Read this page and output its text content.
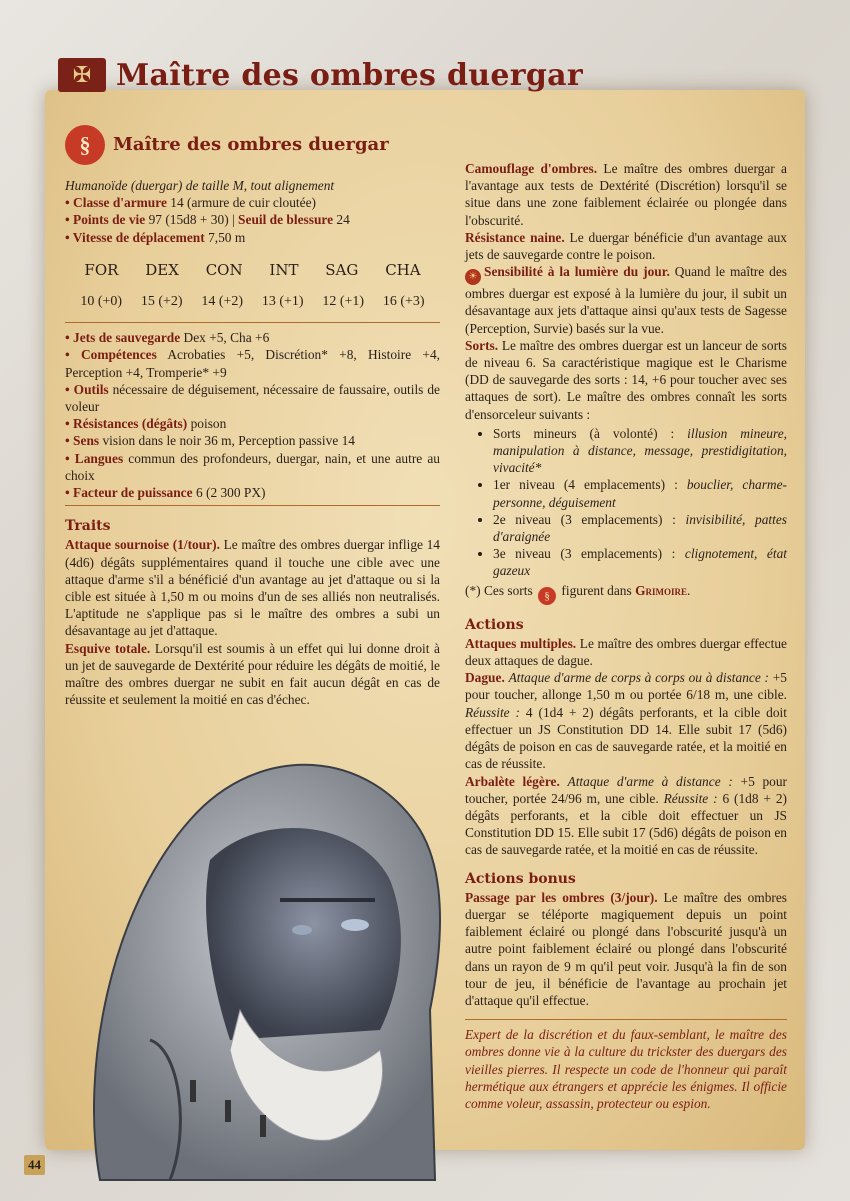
✠ Maître des ombres duergar
§	Maître des ombres duergar

Humanoïde (duergar) de taille M, tout alignement

• Classe d'armure 14 (armure de cuir cloutée)

• Points de vie 97 (15d8 + 30) | Seuil de blessure 24

• Vitesse de déplacement 7,50 m

FOR DEX CON INT SAG CHA
10 (+0) 15 (+2) 14 (+2) 13 (+1) 12 (+1) 16 (+3)

• Jets de sauvegarde Dex +5, Cha +6

• Compétences Acrobaties +5, Discrétion* +8, Histoire +4, Perception +4, Tromperie* +9

• Outils nécessaire de déguisement, nécessaire de faussaire, outils de voleur

• Résistances (dégâts) poison

• Sens vision dans le noir 36 m, Perception passive 14

• Langues commun des profondeurs, duergar, nain, et une autre au choix

• Facteur de puissance 6 (2 300 PX)

Traits

Attaque sournoise (1/tour). Le maître des ombres duergar inflige 14 (4d6) dégâts supplémentaires quand il touche une cible avec une attaque d'arme s'il a bénéficié d'un avantage au jet d'attaque ou si la cible est située à 1,50 m ou moins d'un de ses alliés non neutralisés. L'aptitude ne s'applique pas si le maître des ombres a subi un désavantage au jet d'attaque.

Esquive totale. Lorsqu'il est soumis à un effet qui lui donne droit à un jet de sauvegarde de Dextérité pour réduire les dégâts de moitié, le maître des ombres duergar ne subit en fait aucun dégât en cas de réussite et seulement la moitié en cas d'échec.

Camouflage d'ombres. Le maître des ombres duergar a l'avantage aux tests de Dextérité (Discrétion) lorsqu'il se situe dans une zone faiblement éclairée ou plongée dans l'obscurité.

Résistance naine. Le duergar bénéficie d'un avantage aux jets de sauvegarde contre le poison.

☀ Sensibilité à la lumière du jour. Quand le maître des ombres duergar est exposé à la lumière du jour, il subit un désavantage aux jets d'attaque ainsi qu'aux tests de Sagesse (Perception, Survie) basés sur la vue.

Sorts. Le maître des ombres duergar est un lanceur de sorts de niveau 6. Sa caractéristique magique est le Charisme (DD de sauvegarde des sorts : 14, +6 pour toucher avec ses attaques de sort). Le maître des ombres connaît les sorts d'ensorceleur suivants :

• Sorts mineurs (à volonté) : illusion mineure, manipulation à distance, message, prestidigitation, vivacité*
• 1er niveau (4 emplacements) : bouclier, charme-personne, déguisement
• 2e niveau (3 emplacements) : invisibilité, pattes d'araignée
• 3e niveau (3 emplacements) : clignotement, état gazeux

(*) Ces sorts § figurent dans Grimoire.

Actions

Attaques multiples. Le maître des ombres duergar effectue deux attaques de dague.

Dague. Attaque d'arme de corps à corps ou à distance : +5 pour toucher, allonge 1,50 m ou portée 6/18 m, une cible. Réussite : 4 (1d4 + 2) dégâts perforants, et la cible doit effectuer un JS Constitution DD 14. Elle subit 17 (5d6) dégâts de poison en cas de sauvegarde ratée, et la moitié en cas de réussite.

Arbalète légère. Attaque d'arme à distance : +5 pour toucher, portée 24/96 m, une cible. Réussite : 6 (1d8 + 2) dégâts perforants, et la cible doit effectuer un JS Constitution DD 15. Elle subit 17 (5d6) dégâts de poison en cas de sauvegarde ratée, et la moitié en cas de réussite.

Actions bonus

Passage par les ombres (3/jour). Le maître des ombres duergar se téléporte magiquement depuis un point faiblement éclairé ou plongé dans l'obscurité jusqu'à un autre point faiblement éclairé ou plongé dans l'obscurité dans un rayon de 9 m qu'il peut voir. Jusqu'à la fin de son tour de jeu, il bénéficie de l'avantage au prochain jet d'attaque qu'il effectue.

Expert de la discrétion et du faux-semblant, le maître des ombres donne vie à la culture du trickster des duergars des vieilles pierres. Il respecte un code de l'honneur qui paraît hermétique aux étrangers et apprécie les énigmes. Il officie comme voleur, assassin, protecteur ou espion.
44
